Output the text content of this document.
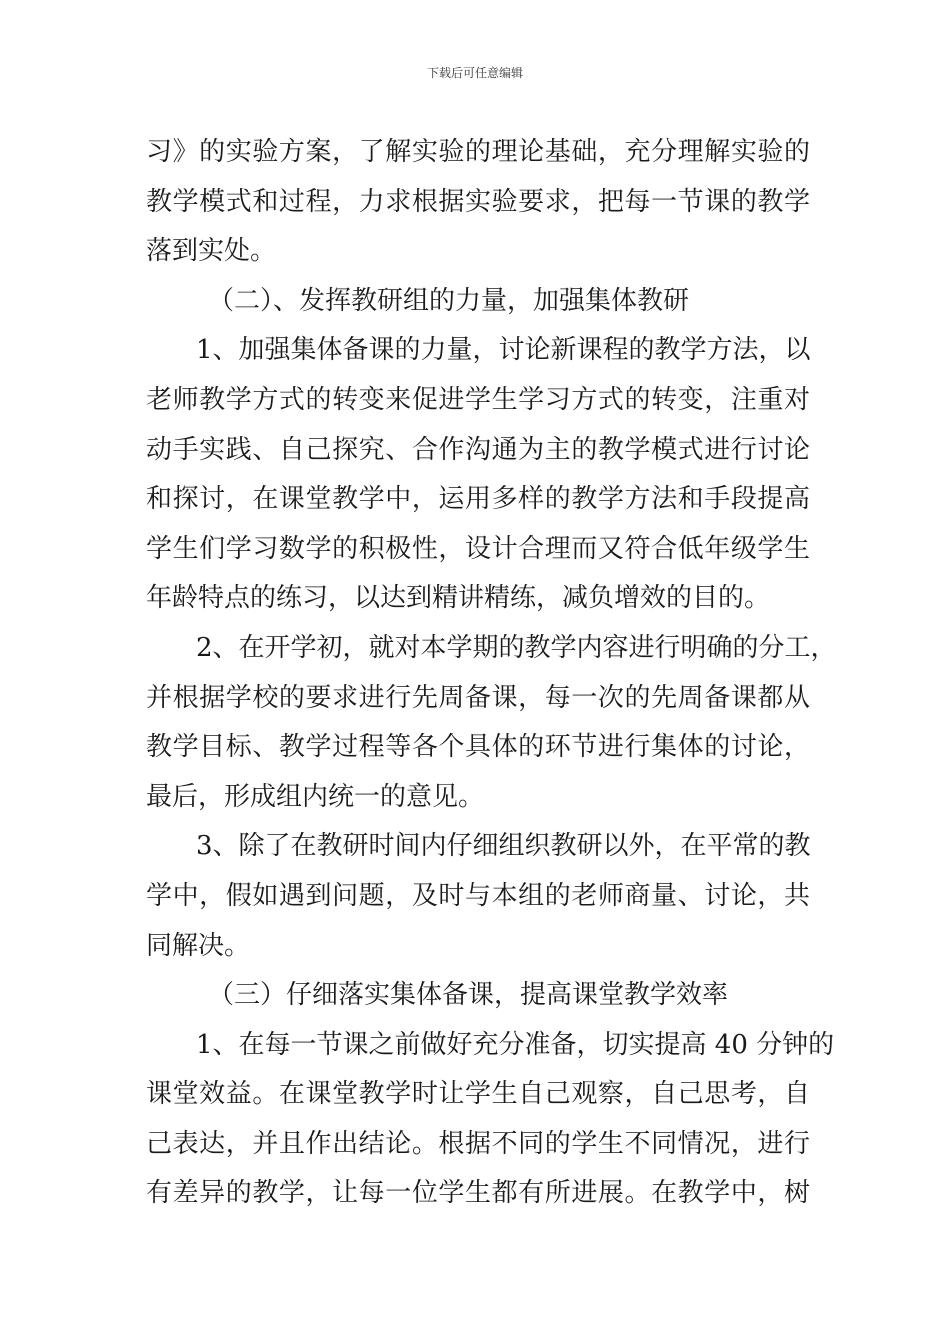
下载后可任意编辑
习》的实验方案，了解实验的理论基础，充分理解实验的
教学模式和过程，力求根据实验要求，把每一节课的教学
落到实处。
（二）、发挥教研组的力量，加强集体教研
1、加强集体备课的力量，讨论新课程的教学方法，以
老师教学方式的转变来促进学生学习方式的转变，注重对
动手实践、自己探究、合作沟通为主的教学模式进行讨论
和探讨，在课堂教学中，运用多样的教学方法和手段提高
学生们学习数学的积极性，设计合理而又符合低年级学生
年龄特点的练习，以达到精讲精练，减负增效的目的。
2、在开学初，就对本学期的教学内容进行明确的分工，
并根据学校的要求进行先周备课，每一次的先周备课都从
教学目标、教学过程等各个具体的环节进行集体的讨论，
最后，形成组内统一的意见。
3、除了在教研时间内仔细组织教研以外，在平常的教
学中，假如遇到问题，及时与本组的老师商量、讨论，共
同解决。
（三）仔细落实集体备课，提高课堂教学效率
1、在每一节课之前做好充分准备，切实提高 40 分钟的
课堂效益。在课堂教学时让学生自己观察，自己思考，自
己表达，并且作出结论。根据不同的学生不同情况，进行
有差异的教学，让每一位学生都有所进展。在教学中，树
